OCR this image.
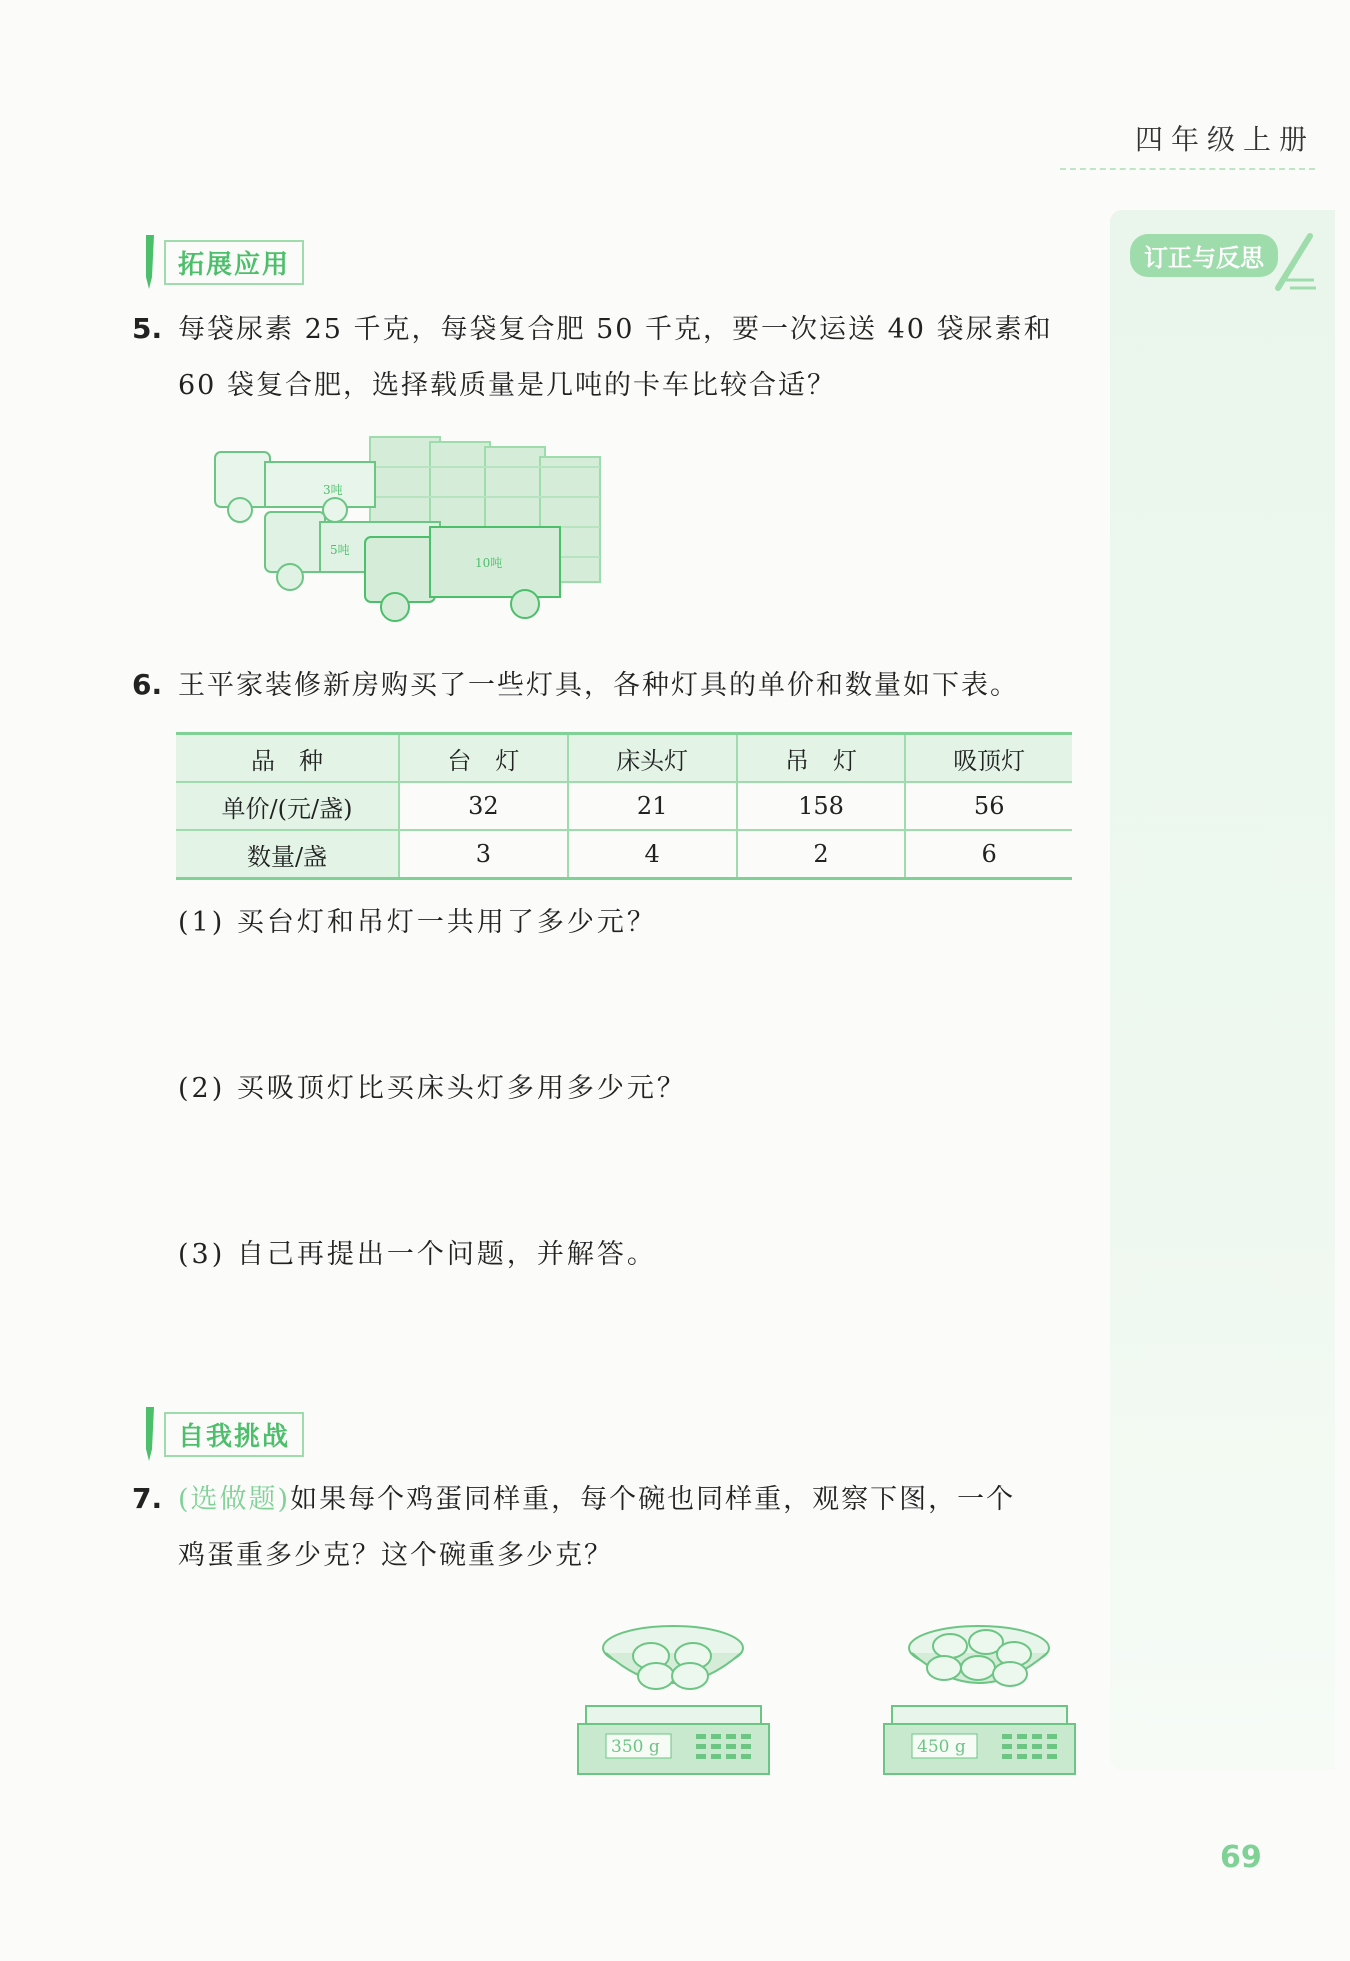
四年级上册
订正与反思
拓展应用
5. 每袋尿素 25 千克，每袋复合肥 50 千克，要一次运送 40 袋尿素和
60 袋复合肥，选择载质量是几吨的卡车比较合适？
3吨
5吨
10吨
6. 王平家装修新房购买了一些灯具，各种灯具的单价和数量如下表。
品　种	台　灯	床头灯	吊　灯	吸顶灯
单价/(元/盏)	32	21	158	56
数量/盏	3	4	2	6
(1) 买台灯和吊灯一共用了多少元？
(2) 买吸顶灯比买床头灯多用多少元？
(3) 自己再提出一个问题，并解答。
自我挑战
7. (选做题)如果每个鸡蛋同样重，每个碗也同样重，观察下图，一个
鸡蛋重多少克？这个碗重多少克？
350 g	450 g
69
